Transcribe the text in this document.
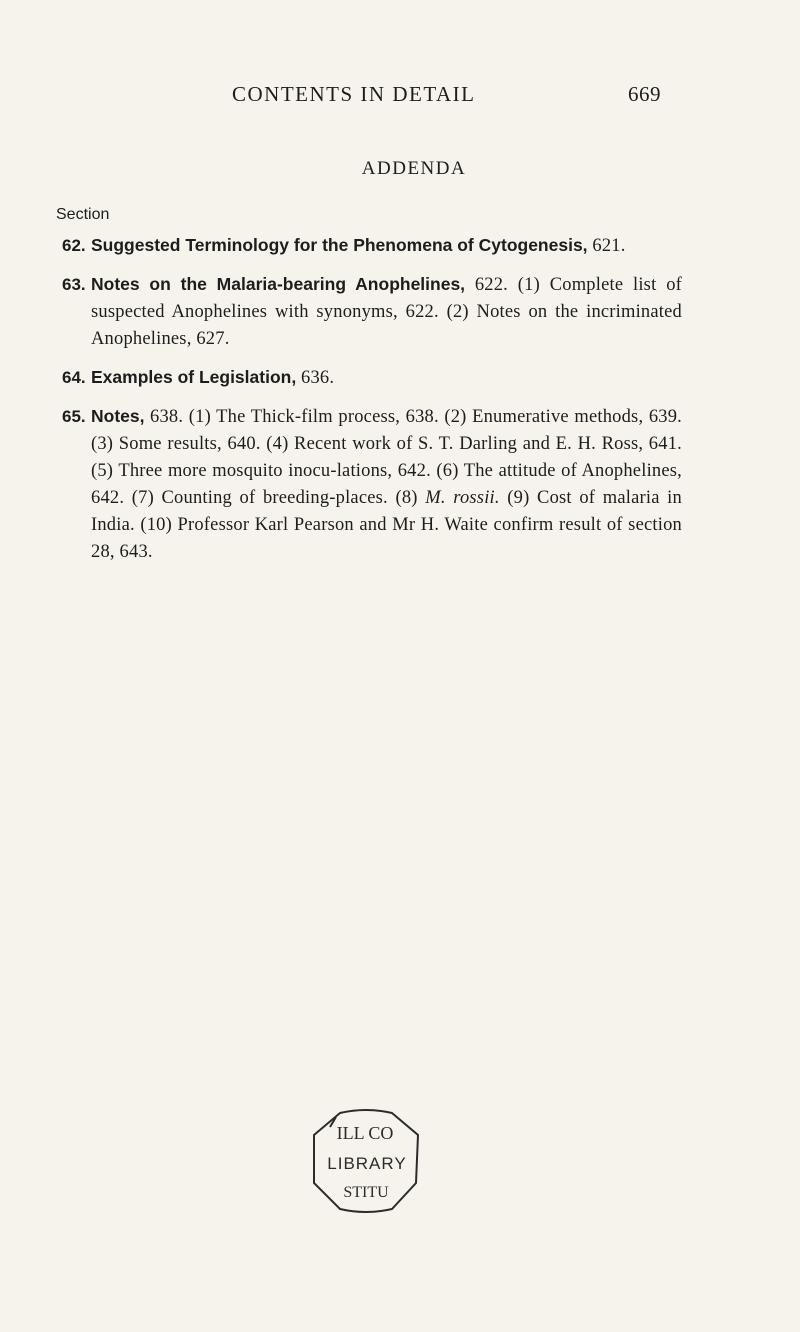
CONTENTS IN DETAIL	669
ADDENDA
Section
62. Suggested Terminology for the Phenomena of Cytogenesis, 621.
63. Notes on the Malaria-bearing Anophelines, 622. (1) Complete list of suspected Anophelines with synonyms, 622. (2) Notes on the incriminated Anophelines, 627.
64. Examples of Legislation, 636.
65. Notes, 638. (1) The Thick-film process, 638. (2) Enumerative methods, 639. (3) Some results, 640. (4) Recent work of S. T. Darling and E. H. Ross, 641. (5) Three more mosquito inocu-lations, 642. (6) The attitude of Anophelines, 642. (7) Counting of breeding-places. (8) M. rossii. (9) Cost of malaria in India. (10) Professor Karl Pearson and Mr H. Waite confirm result of section 28, 643.
ILL CO
LIBRARY
STITU
